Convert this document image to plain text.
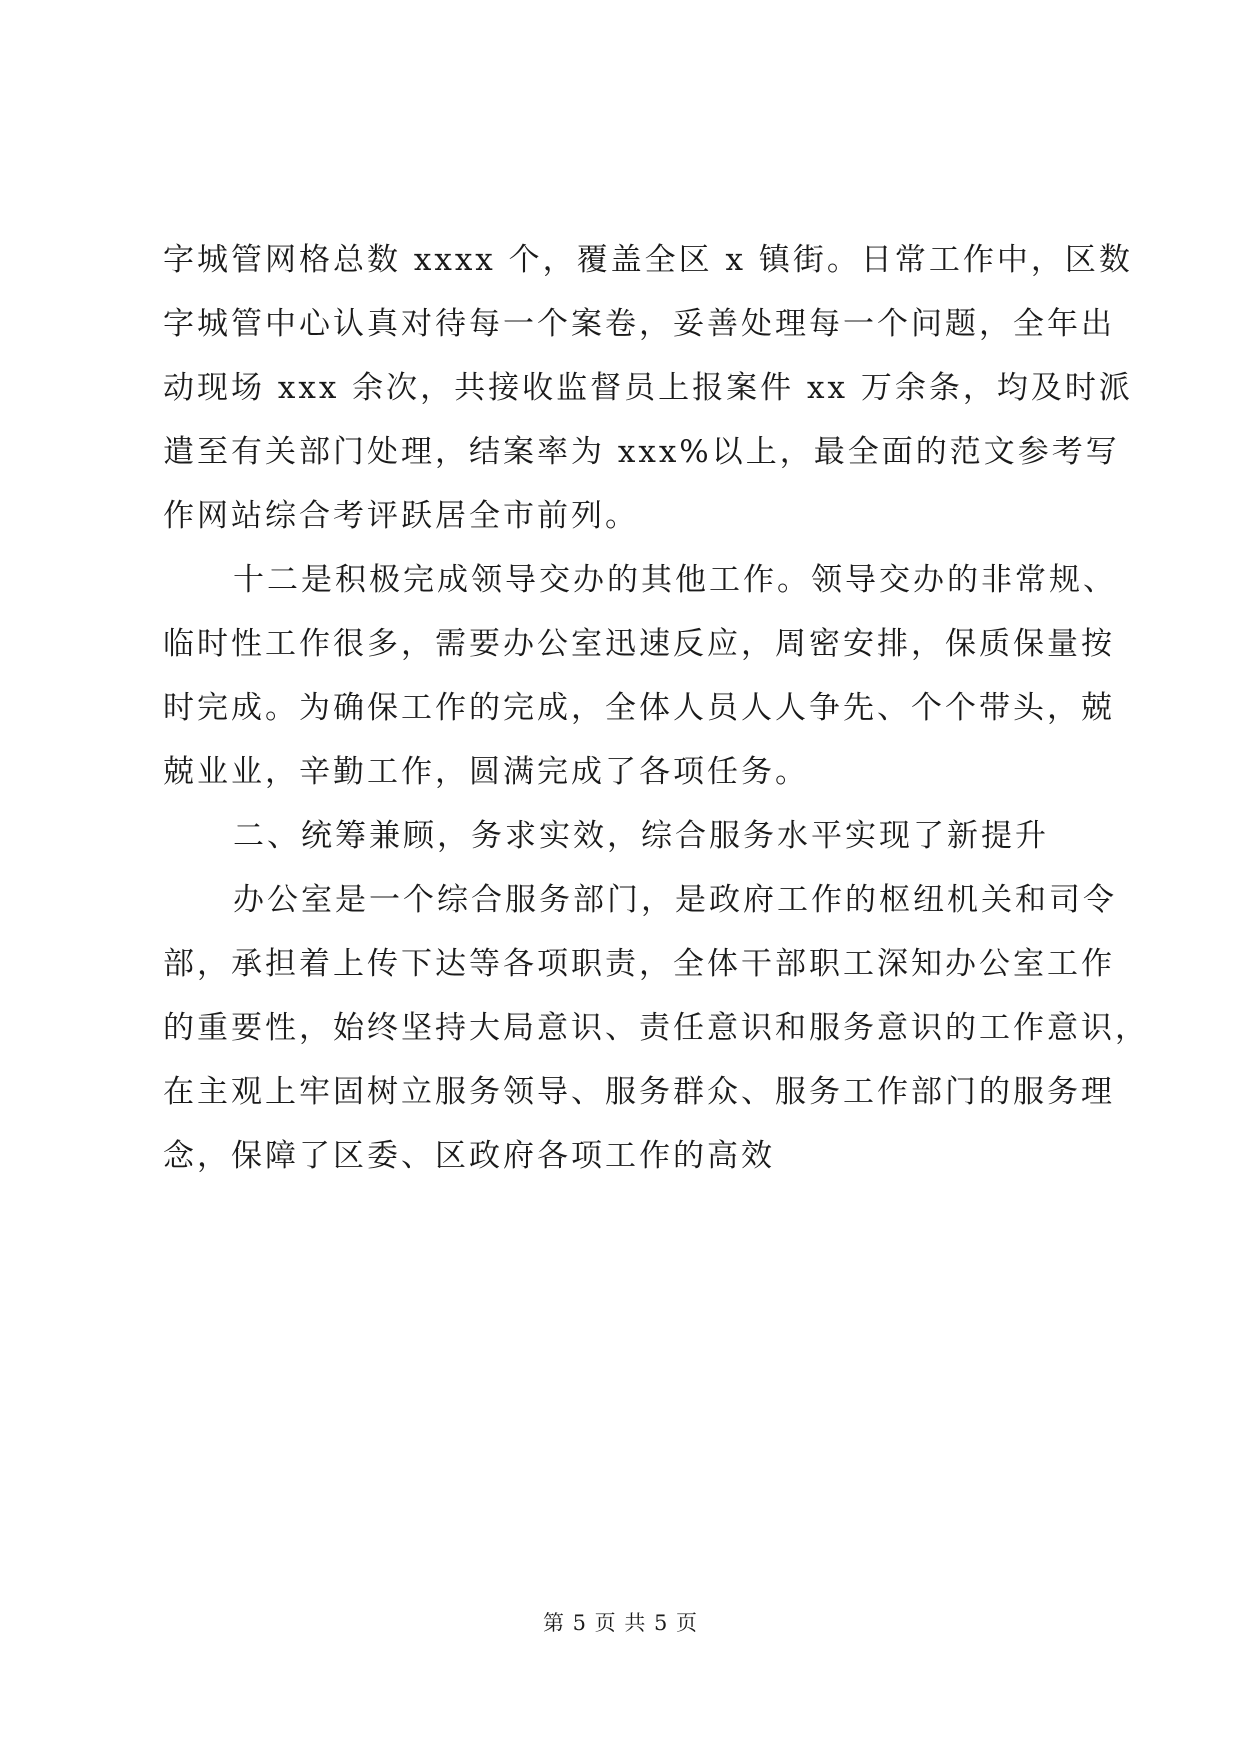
字城管网格总数 xxxx 个，覆盖全区 x 镇街。日常工作中，区数
字城管中心认真对待每一个案卷，妥善处理每一个问题，全年出
动现场 xxx 余次，共接收监督员上报案件 xx 万余条，均及时派
遣至有关部门处理，结案率为 xxx%以上，最全面的范文参考写
作网站综合考评跃居全市前列。
十二是积极完成领导交办的其他工作。领导交办的非常规、
临时性工作很多，需要办公室迅速反应，周密安排，保质保量按
时完成。为确保工作的完成，全体人员人人争先、个个带头，兢
兢业业，辛勤工作，圆满完成了各项任务。
二、统筹兼顾，务求实效，综合服务水平实现了新提升
办公室是一个综合服务部门，是政府工作的枢纽机关和司令
部，承担着上传下达等各项职责，全体干部职工深知办公室工作
的重要性，始终坚持大局意识、责任意识和服务意识的工作意识，
在主观上牢固树立服务领导、服务群众、服务工作部门的服务理
念，保障了区委、区政府各项工作的高效
第 5 页 共 5 页
